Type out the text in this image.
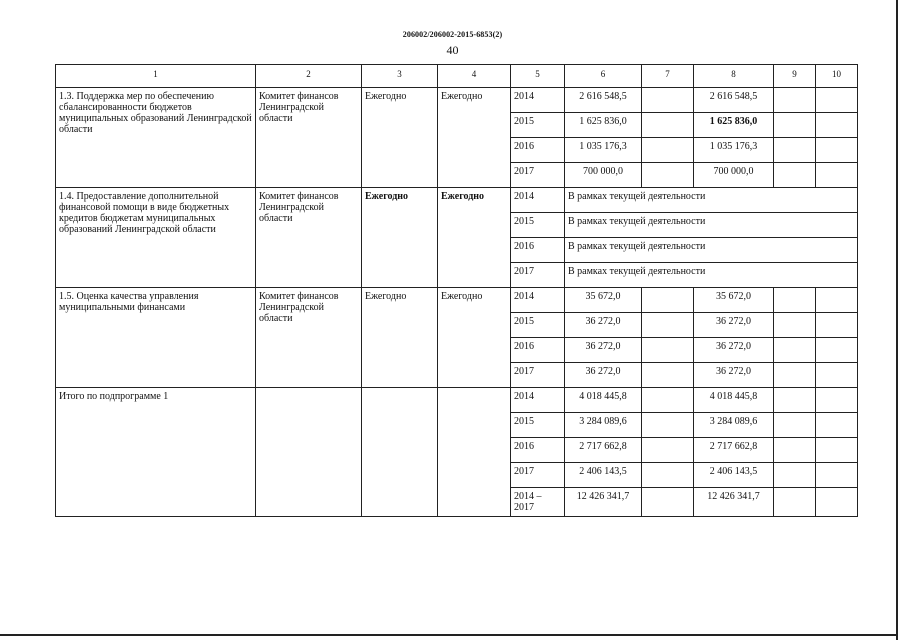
206002/206002-2015-6853(2)
40
1	2	3	4	5	6	7	8	9	10
1.3. Поддержка мер по обеспечению сбалансированности бюджетов муниципальных образований Ленинградской области	Комитет финансов Ленинградской области	Ежегодно	Ежегодно	2014	2 616 548,5		2 616 548,5		
				2015	1 625 836,0		1 625 836,0		
				2016	1 035 176,3		1 035 176,3		
				2017	700 000,0		700 000,0		
1.4. Предоставление дополнительной финансовой помощи в виде бюджетных кредитов бюджетам муниципальных образований Ленинградской области	Комитет финансов Ленинградской области	Ежегодно	Ежегодно	2014	В рамках текущей деятельности				
				2015	В рамках текущей деятельности				
				2016	В рамках текущей деятельности				
				2017	В рамках текущей деятельности				
1.5. Оценка качества управления муниципальными финансами	Комитет финансов Ленинградской области	Ежегодно	Ежегодно	2014	35 672,0		35 672,0		
				2015	36 272,0		36 272,0		
				2016	36 272,0		36 272,0		
				2017	36 272,0		36 272,0		
Итого по подпрограмме 1				2014	4 018 445,8		4 018 445,8		
				2015	3 284 089,6		3 284 089,6		
				2016	2 717 662,8		2 717 662,8		
				2017	2 406 143,5		2 406 143,5		
				2014 – 2017	12 426 341,7		12 426 341,7		
